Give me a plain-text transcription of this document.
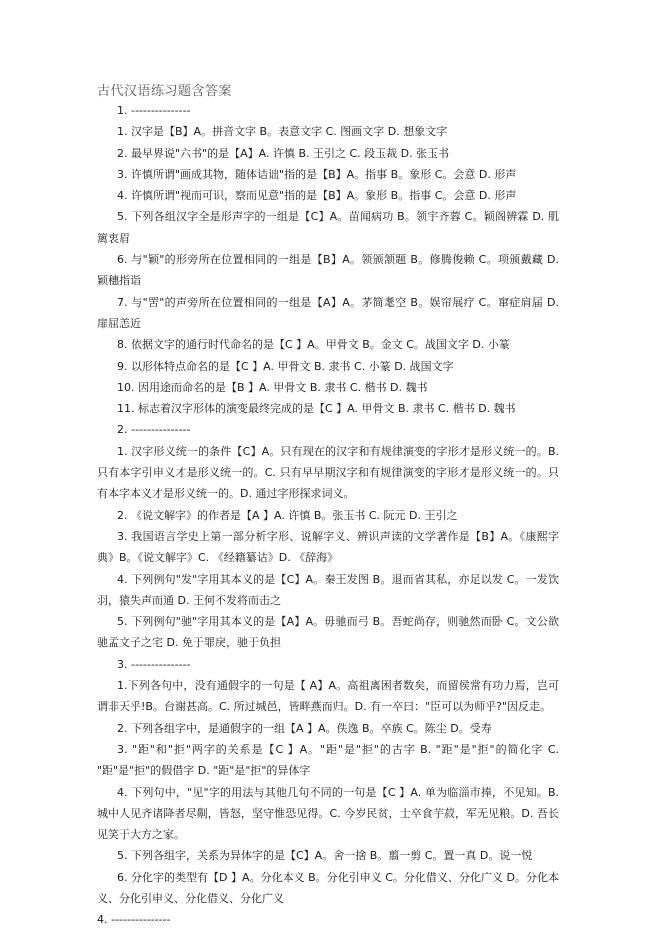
古代汉语练习题含答案

1. ---------------

1. 汉字是【B】A。拼音文字 B。表意文字 C. 图画文字 D. 想象文字

2. 最早界说"六书"的是【A】A. 许慎 B. 王引之 C. 段玉裁 D. 张玉书

3. 许慎所谓"画成其物，随体诘诎"指的是【B】A。指事 B。象形 C。会意 D. 形声

4. 许慎所谓"视而可识，察而见意"指的是【B】A。象形 B。指事 C。会意 D. 形声

5. 下列各组汉字全是形声字的一组是【C】A。苗闻病功 B。领宇齐蓉 C。颖阁辨霖 D. 肌篱衷眉

6. 与"颖"的形旁所在位置相同的一组是【B】A。领颁颔题 B。修腾俊赖 C。项颁戴藏 D. 颖穗指诣

7. 与"罟"的声旁所在位置相同的一组是【A】A。茅简耄空 B。娱帘展疗 C。窜症肩届 D. 扉屈恙近

8. 依据文字的通行时代命名的是【C 】A。甲骨文 B。金文 C。战国文字 D. 小篆

9. 以形体特点命名的是【C 】A. 甲骨文 B. 隶书 C. 小篆 D. 战国文字

10. 因用途而命名的是【B 】A. 甲骨文 B. 隶书 C. 楷书 D. 魏书

11. 标志着汉字形体的演变最终完成的是【C 】A. 甲骨文 B. 隶书 C. 楷书 D. 魏书

2. ---------------

1. 汉字形义统一的条件【C】A。只有现在的汉字和有规律演变的字形才是形义统一的。B. 只有本字引申义才是形义统一的。C. 只有早早期汉字和有规律演变的字形才是形义统一的。只有本字本义才是形义统一的。D. 通过字形探求词义。

2. 《说文解字》的作者是【A 】A. 许慎 B。张玉书 C. 阮元 D. 王引之

3. 我国语言学史上第一部分析字形、说解字义、辨识声读的文学著作是【B】A。《康熙字典》B。《说文解字》C. 《经籍纂诂》D. 《辞海》

4. 下列例句"发"字用其本义的是【C】A。秦王发图 B。退而省其私，亦足以发 C。一发饮羽，猿失声而通 D. 王何不发将而击之

5. 下列例句"驰"字用其本义的是【A】A。毋驰而弓 B。吾蛇尚存，则驰然而卧 C。文公欲驰孟文子之宅 D. 免于罪戾，驰于负担

3. ---------------

1.下列各句中，没有通假字的一句是【 A】A。高祖离困者数矣，而留侯常有功力焉，岂可谓非天乎!B。台谢甚高。C. 所过城邑，皆畔燕而归。D. 有一卒曰："臣可以为师乎?"因反走。

2. 下列各组字中，是通假字的一组【A 】A。佚逸 B。卒族 C。陈尘 D。受寿

3. "距"和"拒"两字的关系是【C 】A。"距"是"拒"的古字 B. "距"是"拒"的简化字 C. "距"是"拒"的假借字 D. "距"是"拒"的异体字

4. 下列句中，"见"字的用法与其他几句不同的一句是【C 】A. 单为临淄市捧，不见知。B. 城中人见齐诸降者尽劓，皆怒，坚守惟恐见得。C. 今岁民贫，士卒食芋菽，军无见粮。D. 吾长见笑于大方之家。

5. 下列各组字，关系为异体字的是【C】A。舍一捨 B。翦一剪 C。置一真 D。说一悦

6. 分化字的类型有【D 】A。分化本义 B。分化引申义 C。分化借义、分化广义 D。分化本义、分化引申义、分化借义、分化广义

4. ---------------
